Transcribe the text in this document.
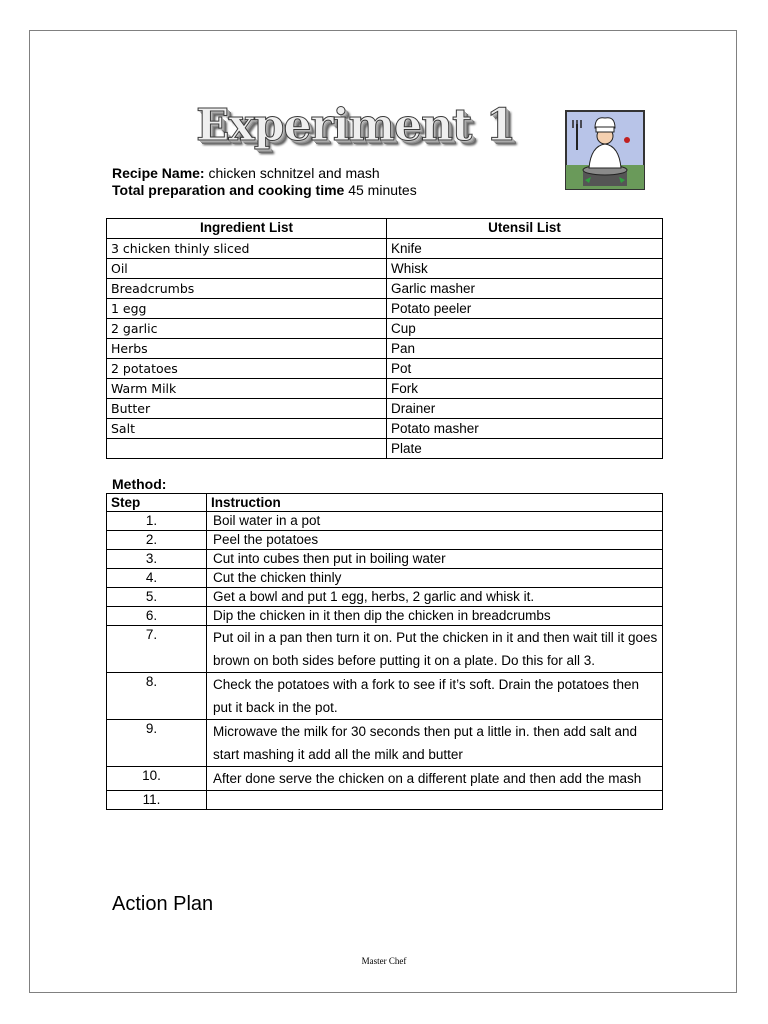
Experiment 1
Recipe Name: chicken schnitzel and mash
Total preparation and cooking time 45 minutes
Ingredient List	Utensil List
3 chicken thinly sliced	Knife
Oil	Whisk
Breadcrumbs	Garlic masher
1 egg	Potato peeler
2 garlic	Cup
Herbs	Pan
2 potatoes	Pot
Warm Milk	Fork
Butter	Drainer
Salt	Potato masher
	Plate
Method:
Step	Instruction
1.	Boil water in a pot
2.	Peel the potatoes
3.	Cut into cubes then put in boiling water
4.	Cut the chicken thinly
5.	Get a bowl and put 1 egg, herbs, 2 garlic and whisk it.
6.	Dip the chicken in it then dip the chicken in breadcrumbs
7.	Put oil in a pan then turn it on. Put the chicken in it and then wait till it goes brown on both sides before putting it on a plate. Do this for all 3.
8.	Check the potatoes with a fork to see if it’s soft. Drain the potatoes then put it back in the pot.
9.	Microwave the milk for 30 seconds then put a little in. then add salt and start mashing it add all the milk and butter
10.	After done serve the chicken on a different plate and then add the mash
11.	
Action Plan
Master Chef
